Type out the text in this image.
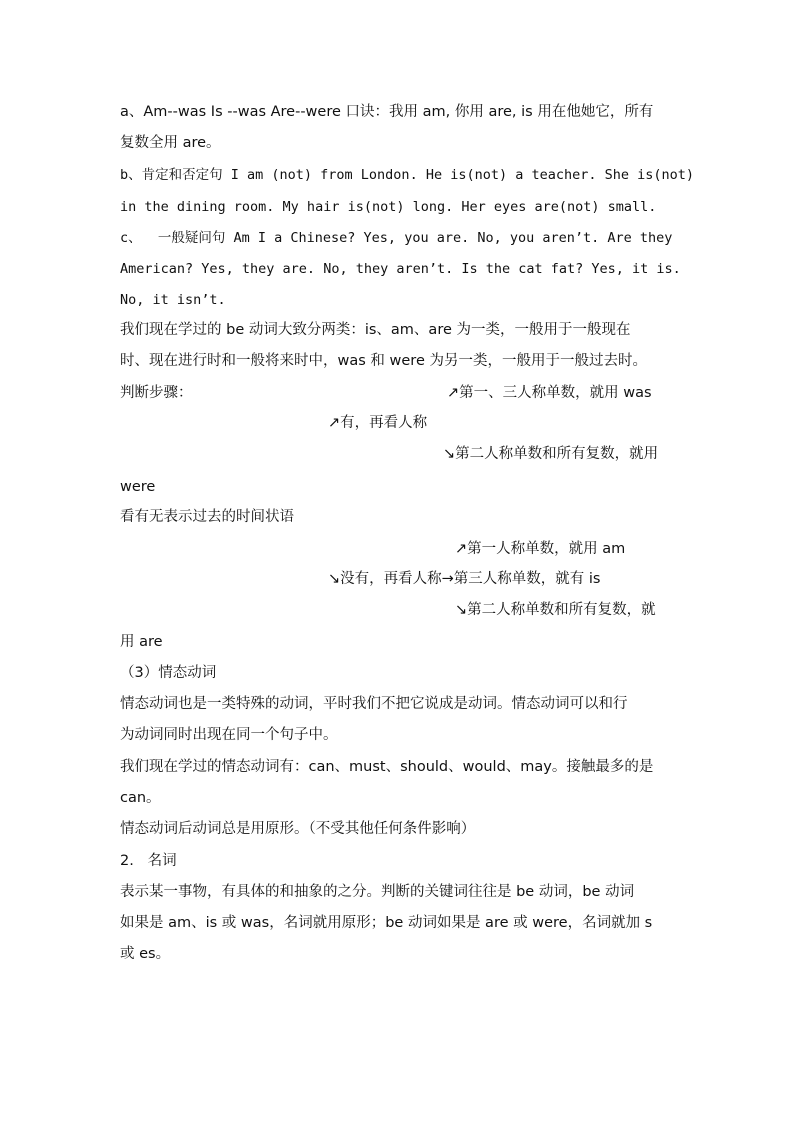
a、Am--was Is --was Are--were 口诀：我用 am, 你用 are, is 用在他她它，所有
复数全用 are。
b、肯定和否定句 I am (not) from London. He is(not) a teacher. She is(not)
in the dining room. My hair is(not) long. Her eyes are(not) small.
c、  一般疑问句 Am I a Chinese? Yes, you are. No, you aren’t. Are they
American? Yes, they are. No, they aren’t. Is the cat fat? Yes, it is.
No, it isn’t.
我们现在学过的 be 动词大致分两类：is、am、are 为一类，一般用于一般现在
时、现在进行时和一般将来时中，was 和 were 为另一类，一般用于一般过去时。
判断步骤：	↗第一、三人称单数，就用 was
↗有，再看人称
↘第二人称单数和所有复数，就用
were
看有无表示过去的时间状语
↗第一人称单数，就用 am
↘没有，再看人称→第三人称单数，就有 is
↘第二人称单数和所有复数，就
用 are
（3）情态动词
情态动词也是一类特殊的动词，平时我们不把它说成是动词。情态动词可以和行
为动词同时出现在同一个句子中。
我们现在学过的情态动词有：can、must、should、would、may。接触最多的是
can。
情态动词后动词总是用原形。（不受其他任何条件影响）
2.   名词
表示某一事物，有具体的和抽象的之分。判断的关键词往往是 be 动词，be 动词
如果是 am、is 或 was，名词就用原形；be 动词如果是 are 或 were，名词就加 s
或 es。
